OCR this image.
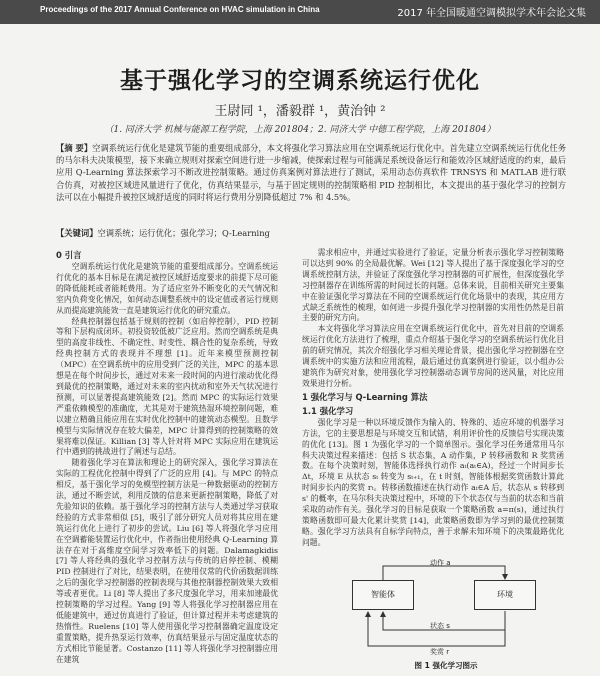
Proceedings of the 2017 Annual Conference on HVAC simulation in China	2017 年全国暖通空调模拟学术年会论文集
基于强化学习的空调系统运行优化
王尉同 ¹，潘毅群 ¹，黄治钟 ²
（1. 同济大学 机械与能源工程学院，上海 201804；2. 同济大学 中德工程学院，上海 201804）
【摘 要】空调系统运行优化是建筑节能的重要组成部分，本文将强化学习算法应用在空调系统运行优化中。首先建立空调系统运行优化任务的马尔科夫决策模型，接下来确立规则对探索空间进行进一步缩减，使探索过程与可能满足系统设备运行和能效冷区域舒适度的约束，最后应用 Q-Learning 算法探索学习不断改进控制策略。通过仿真案例对算法进行了测试，采用动态仿真软件 TRNSYS 和 MATLAB 进行联合仿真，对被控区域进风量进行了优化，仿真结果显示，与基于固定规则的控制策略相 PID 控制相比，本文提出的基于强化学习的控制方法可以在小幅提升被控区域舒适度的同时将运行费用分别降低超过 7% 和 4.5%。
【关键词】空调系统；运行优化；强化学习；Q-Learning
0 引言

空调系统运行优化是建筑节能的重要组成部分。空调系统运行优化的基本目标是在满足被控区域舒适度要求的前提下尽可能的降低能耗或者能耗费用。为了适应室外不断变化的天气情况和室内负荷变化情况，如何动态调整系统中的设定值或者运行规则从而提高建筑能效一直是建筑运行优化的研究重点。

经典控制器包括基于规则的控制（如启停控制），PID 控制等和下层构成闭环。初投资较低被广泛应用。然而空调系统是典型的高度非线性、不确定性、时变性、耦合性的复杂系统，导致经典控制方式的表现并不理想 [1]。近年来模型预测控制（MPC）在空调系统中的应用受到广泛的关注，MPC 的基本思想是在每个时间步长，通过对未来一段时间的内进行滚动优化得到最优的控制策略，通过对未来的室内扰动和室外天气状况进行预测，可以显著提高建筑能效 [2]。然而 MPC 的实际运行效果严重依赖模型的准确度，尤其是对于建筑热湿环境控制问题，难以建立精确且能应用在实时优化控制中的建筑动态模型。且数学模型与实际情况存在较大偏差，MPC 计算得到的控制策略的效果将难以保证。Killian [3] 等人针对将 MPC 实际应用在建筑运行中遇到的挑战进行了阐述与总结。

随着强化学习在算法和理论上的研究深入，强化学习算法在实际的工程优化控制中得到了广泛的应用 [4]。与 MPC 的特点相反，基于强化学习的免模型控制方法是一种数据驱动的控制方法，通过不断尝试，利用反馈的信息来更新控制策略，降低了对先验知识的依赖。基于强化学习的控制方法与人类通过学习获取经验的方式非常相似 [5]，吸引了部分研究人员对将其应用在建筑运行优化上进行了初步的尝试。Liu [6] 等人将强化学习应用在空调蓄能装置运行优化中，作者指出使用经典 Q-Learning 算法存在对于高维度空间学习效率低下的问题。Dalamagkidis [7] 等人将经典的强化学习控制方法与传统的启停控制、模糊 PID 控制进行了对比，结果表明，在使用仅常的代价函数据训练之后的强化学习控制器的控制表现与其他控制器控制效果大致相等或者更优。Li [8] 等人提出了多尺度强化学习，用来加速最优控制策略的学习过程。Yang [9] 等人将强化学习控制器应用在低能建筑中，通过仿真进行了验证，但计算过程并未考虑建筑的热惰性。Ruelens [10] 等人使用强化学习控制器确定温度设定重置策略，提升热泵运行效率，仿真结果显示与固定温度状态的方式相比节能显著。Costanzo [11] 等人将强化学习控制器应用在建筑

需求相应中，并通过实验进行了验证，定量分析表示强化学习控制策略可以达到 90% 的全局最优解。Wei [12] 等人提出了基于深度强化学习的空调系统控制方法，并验证了深度强化学习控制器的可扩展性，但深度强化学习控制器存在训练所需的时间过长的问题。总体来说，目前相关研究主要集中在验证强化学习算法在不同的空调系统运行优化场景中的表现，其应用方式缺乏系统性的梳理，如何进一步提升强化学习控制器的实用性仍然是目前主要的研究方向。

本文将强化学习算法应用在空调系统运行优化中，首先对目前的空调系统运行优化方法进行了梳理，重点介绍基于强化学习的空调系统运行优化目前的研究情况，其次介绍强化学习相关理论背景，提出强化学习控制器在空调系统中的实施方法和应用流程，最后通过仿真案例进行验证，以小组办公建筑作为研究对象，使用强化学习控制器动态调节房间的送风量，对比应用效果进行分析。

1 强化学习与 Q-Learning 算法
1.1 强化学习

强化学习是一种以环境反馈作为输入的、特殊的、适应环境的机器学习方法，它的主要思想是与环境交互和试错，利用评价性的反馈信号实现决策的优化 [13]。图 1 为强化学习的一个简单图示。强化学习任务通常用马尔科夫决策过程来描述：包括 S 状态集，A 动作集，P 转移函数和 R 奖赏函数。在每个决策时刻，智能体选择执行动作 aₜ(aₜ∈A)，经过一个时间步长 Δt，环境 E 从状态 sₜ 转变为 sₜ₊₁，在 t 时刻，智能体根据奖赏函数计算此时间步长内的奖赏 rₜ。转移函数描述在执行动作 aₜ∈A 后，状态从 s 转移到 s' 的概率，在马尔科夫决策过程中，环境的下个状态仅与当前的状态和当前采取的动作有关。强化学习的目标是获取一个策略函数 a=π(s)，通过执行策略函数即可最大化累计奖赏 [14]，此策略函数即为学习到的最优控制策略。强化学习方法具有自标学向特点，善于求解未知环境下的决策最路优化问题。

智能体	环境
动作 a
状态 s
奖赏 r
图 1 强化学习图示
